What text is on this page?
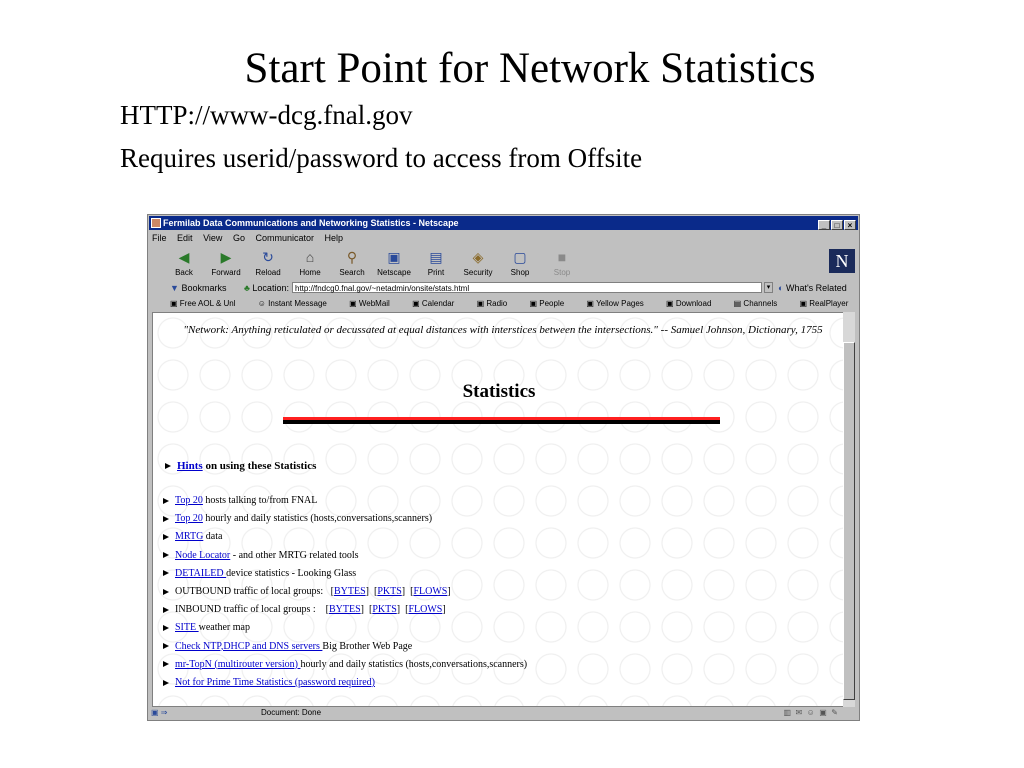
Start Point for Network Statistics
HTTP://www-dcg.fnal.gov
Requires userid/password to access from Offsite
Fermilab Data Communications and Networking Statistics - Netscape	_ □ ×
File Edit View Go Communicator Help
◀
Back
▶
Forward
↻
Reload
⌂
Home
⚲
Search
▣
Netscape
▤
Print
◈
Security
▢
Shop
■
Stop
N
▼ Bookmarks ♣ Location: http://fndcg0.fnal.gov/~netadmin/onsite/stats.html	▾ ◐ What's Related
▣ Free AOL & Unl	☺ Instant Message	▣ WebMail	▣ Calendar	▣ Radio	▣ People	▣ Yellow Pages	▣ Download	▤ Channels	▣ RealPlayer
"Network: Anything reticulated or decussated at equal distances with interstices between the intersections." -- Samuel Johnson, Dictionary, 1755
Statistics
Hints on using these Statistics
Top 20 hosts talking to/from FNAL
Top 20 hourly and daily statistics (hosts,conversations,scanners)
MRTG data
Node Locator - and other MRTG related tools
DETAILED device statistics - Looking Glass
OUTBOUND traffic of local groups:   [BYTES]  [PKTS]  [FLOWS]
INBOUND traffic of local groups :    [BYTES]  [PKTS]  [FLOWS]
SITE weather map
Check NTP,DHCP and DNS servers Big Brother Web Page
mr-TopN (multirouter version) hourly and daily statistics (hosts,conversations,scanners)
Not for Prime Time Statistics (password required)
▣ ⇒	Document: Done	▥  ✉  ☺  ▣  ✎
